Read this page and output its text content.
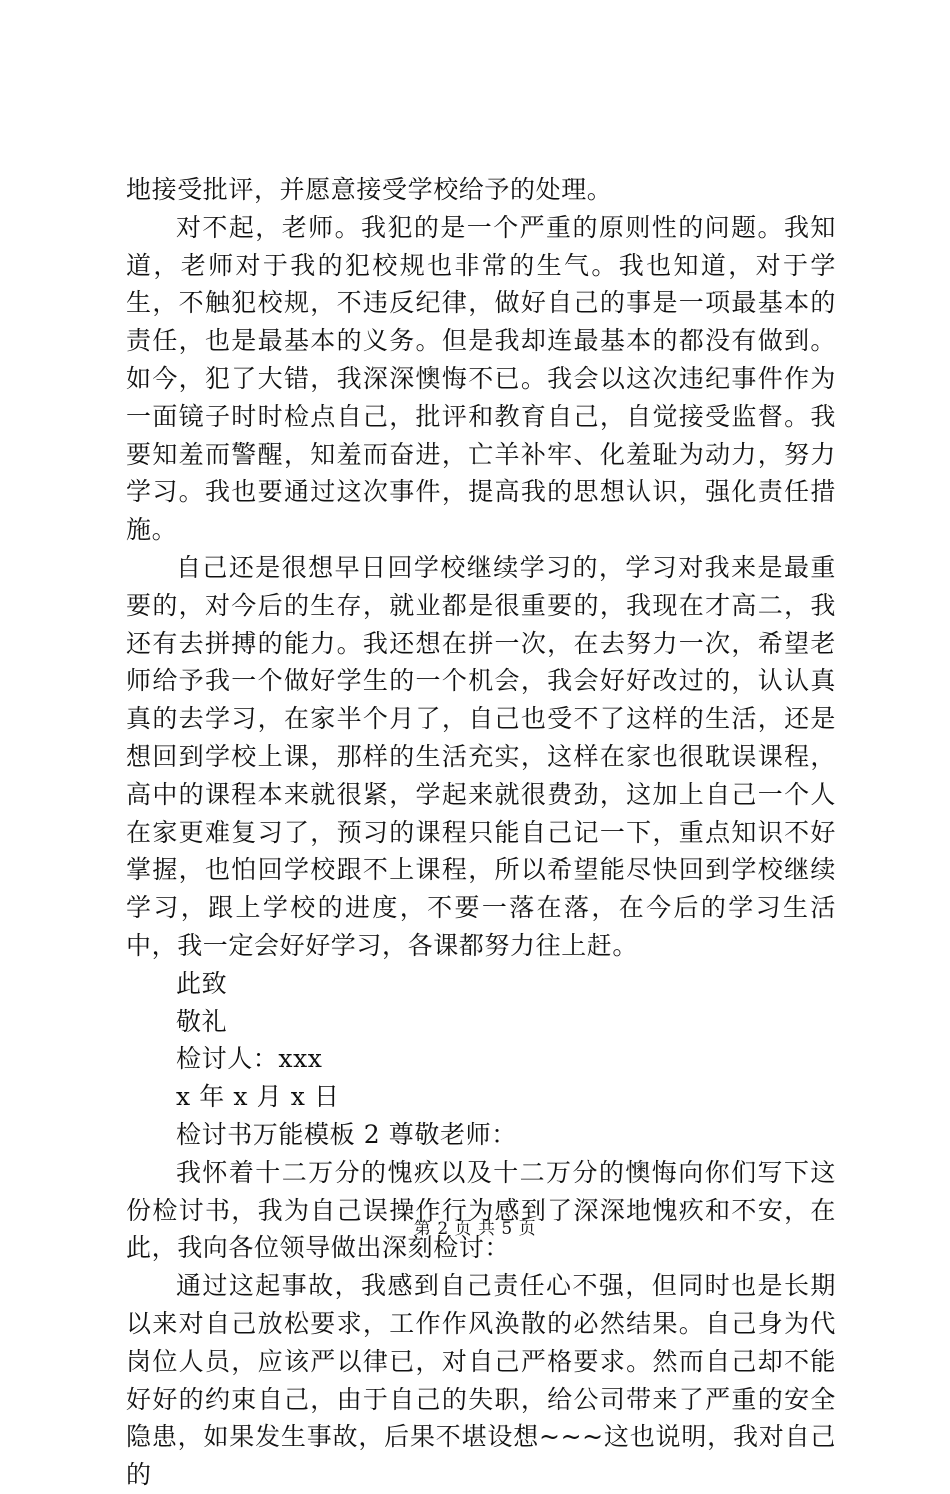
地接受批评，并愿意接受学校给予的处理。

对不起，老师。我犯的是一个严重的原则性的问题。我知道，老师对于我的犯校规也非常的生气。我也知道，对于学生，不触犯校规，不违反纪律，做好自己的事是一项最基本的责任，也是最基本的义务。但是我却连最基本的都没有做到。如今，犯了大错，我深深懊悔不已。我会以这次违纪事件作为一面镜子时时检点自己，批评和教育自己，自觉接受监督。我要知羞而警醒，知羞而奋进，亡羊补牢、化羞耻为动力，努力学习。我也要通过这次事件，提高我的思想认识，强化责任措施。

自己还是很想早日回学校继续学习的，学习对我来是最重要的，对今后的生存，就业都是很重要的，我现在才高二，我还有去拼搏的能力。我还想在拼一次，在去努力一次，希望老师给予我一个做好学生的一个机会，我会好好改过的，认认真真的去学习，在家半个月了，自己也受不了这样的生活，还是想回到学校上课，那样的生活充实，这样在家也很耽误课程，高中的课程本来就很紧，学起来就很费劲，这加上自己一个人在家更难复习了，预习的课程只能自己记一下，重点知识不好掌握，也怕回学校跟不上课程，所以希望能尽快回到学校继续学习，跟上学校的进度，不要一落在落，在今后的学习生活中，我一定会好好学习，各课都努力往上赶。

此致

敬礼

检讨人：xxx

x 年 x 月 x 日

检讨书万能模板 2 尊敬老师：

我怀着十二万分的愧疚以及十二万分的懊悔向你们写下这份检讨书，我为自己误操作行为感到了深深地愧疚和不安，在此，我向各位领导做出深刻检讨：

通过这起事故，我感到自己责任心不强，但同时也是长期以来对自己放松要求，工作作风涣散的必然结果。自己身为代岗位人员，应该严以律已，对自己严格要求。然而自己却不能好好的约束自己，由于自己的失职，给公司带来了严重的安全隐患，如果发生事故，后果不堪设想~~~这也说明，我对自己的

第 2 页 共 5 页
